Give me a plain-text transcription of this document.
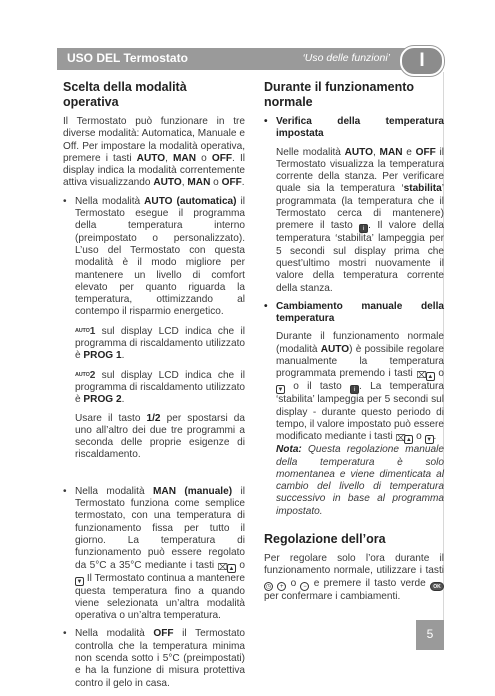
USO DEL Termostato	‘Uso delle funzioni’	I
Scelta della modalità operativa

Il Termostato può funzionare in tre diverse modalità: Automatica, Manuale e Off. Per impostare la modalità operativa, premere i tasti AUTO, MAN o OFF. Il display indica la modalità correntemente attiva visualizzando AUTO, MAN o OFF.

• Nella modalità AUTO (automatica) il Termostato esegue il programma della temperatura interno (preimpostato o personalizzato). L’uso del Termostato con questa modalità è il modo migliore per mantenere un livello di comfort elevato per quanto riguarda la temperatura, ottimizzando al contempo il risparmio energetico.
AUTO1 sul display LCD indica che il programma di riscaldamento utilizzato è PROG 1.
AUTO2 sul display LCD indica che il programma di riscaldamento utilizzato è PROG 2.
Usare il tasto 1/2 per spostarsi da uno all’altro dei due tre programmi a seconda delle proprie esigenze di riscaldamento.
• Nella modalità MAN (manuale) il Termostato funziona come semplice termostato, con una temperatura di funzionamento fissa per tutto il giorno. La temperatura di funzionamento può essere regolato da 5°C a 35°C mediante i tasti ⌧ ▲ o ▼ Il Termostato continua a mantenere questa temperatura fino a quando viene selezionata un’altra modalità operativa o un’altra temperatura.
• Nella modalità OFF il Termostato controlla che la temperatura minima non scenda sotto i 5°C (preimpostati) e ha la funzione di misura protettiva contro il gelo in casa.
Durante il funzionamento normale
• Verifica della temperatura impostata
Nelle modalità AUTO, MAN e OFF il Termostato visualizza la temperatura corrente della stanza. Per verificare quale sia la temperatura ‘stabilita’ programmata (la temperatura che il Termostato cerca di mantenere) premere il tasto i . Il valore della temperatura ‘stabilita’ lampeggia per 5 secondi sul display prima che quest’ultimo mostri nuovamente il valore della temperatura corrente della stanza.
• Cambiamento manuale della temperatura
Durante il funzionamento normale (modalità AUTO) è possibile regolare manualmente la temperatura programmata premendo i tasti ⌧ ▲ o ▼ o il tasto i . La temperatura ‘stabilita’ lampeggia per 5 secondi sul display - durante questo periodo di tempo, il valore impostato può essere modificato mediante i tasti ⌧ ▲ o ▼ .
Nota: Questa regolazione manuale della temperatura è solo momentanea e viene dimenticata al cambio del livello di temperatura successivo in base al programma impostato.
Regolazione dell’ora

Per regolare solo l’ora durante il funzionamento normale, utilizzare i tasti ◷ + o − e premere il tasto verde OK per confermare i cambiamenti.

5
